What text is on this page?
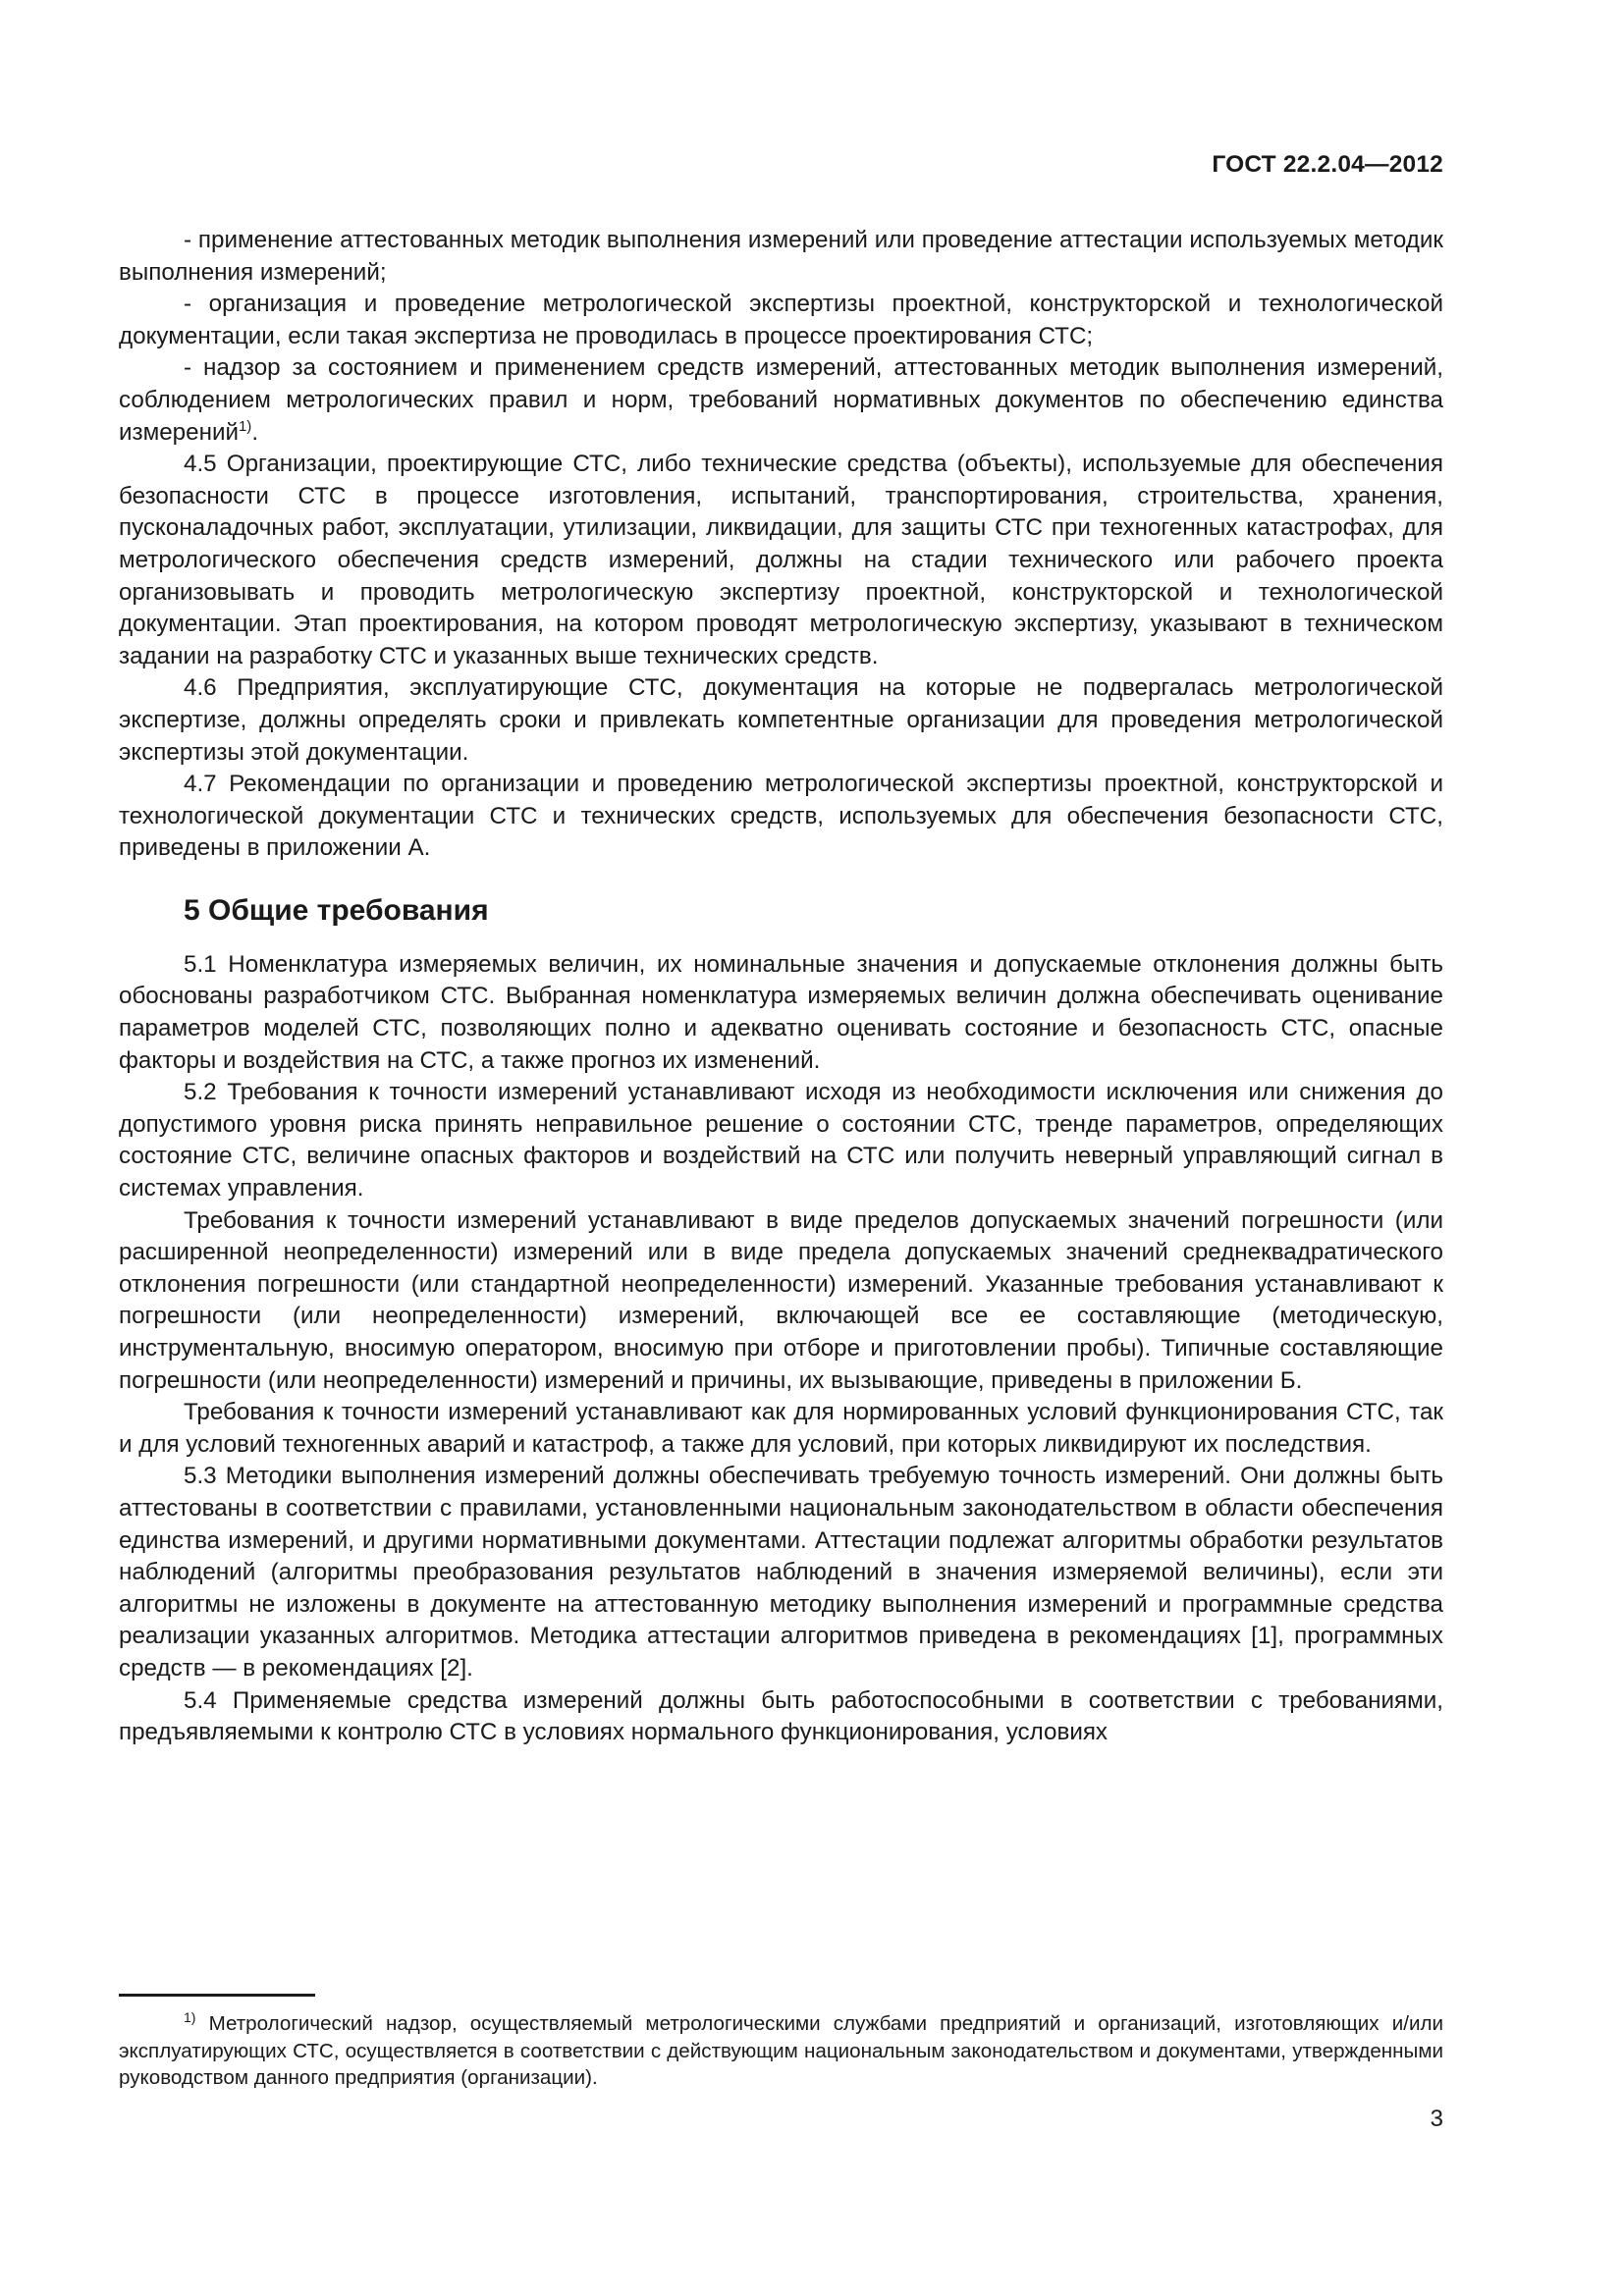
ГОСТ 22.2.04—2012

- применение аттестованных методик выполнения измерений или проведение аттестации используемых методик выполнения измерений;

- организация и проведение метрологической экспертизы проектной, конструкторской и технологической документации, если такая экспертиза не проводилась в процессе проектирования СТС;

- надзор за состоянием и применением средств измерений, аттестованных методик выполнения измерений, соблюдением метрологических правил и норм, требований нормативных документов по обеспечению единства измерений$^{1)}$.

4.5 Организации, проектирующие СТС, либо технические средства (объекты), используемые для обеспечения безопасности СТС в процессе изготовления, испытаний, транспортирования, строительства, хранения, пусконаладочных работ, эксплуатации, утилизации, ликвидации, для защиты СТС при техногенных катастрофах, для метрологического обеспечения средств измерений, должны на стадии технического или рабочего проекта организовывать и проводить метрологическую экспертизу проектной, конструкторской и технологической документации. Этап проектирования, на котором проводят метрологическую экспертизу, указывают в техническом задании на разработку СТС и указанных выше технических средств.

4.6 Предприятия, эксплуатирующие СТС, документация на которые не подвергалась метрологической экспертизе, должны определять сроки и привлекать компетентные организации для проведения метрологической экспертизы этой документации.

4.7 Рекомендации по организации и проведению метрологической экспертизы проектной, конструкторской и технологической документации СТС и технических средств, используемых для обеспечения безопасности СТС, приведены в приложении А.

5 Общие требования

5.1 Номенклатура измеряемых величин, их номинальные значения и допускаемые отклонения должны быть обоснованы разработчиком СТС. Выбранная номенклатура измеряемых величин должна обеспечивать оценивание параметров моделей СТС, позволяющих полно и адекватно оценивать состояние и безопасность СТС, опасные факторы и воздействия на СТС, а также прогноз их изменений.

5.2 Требования к точности измерений устанавливают исходя из необходимости исключения или снижения до допустимого уровня риска принять неправильное решение о состоянии СТС, тренде параметров, определяющих состояние СТС, величине опасных факторов и воздействий на СТС или получить неверный управляющий сигнал в системах управления.

Требования к точности измерений устанавливают в виде пределов допускаемых значений погрешности (или расширенной неопределенности) измерений или в виде предела допускаемых значений среднеквадратического отклонения погрешности (или стандартной неопределенности) измерений. Указанные требования устанавливают к погрешности (или неопределенности) измерений, включающей все ее составляющие (методическую, инструментальную, вносимую оператором, вносимую при отборе и приготовлении пробы). Типичные составляющие погрешности (или неопределенности) измерений и причины, их вызывающие, приведены в приложении Б.

Требования к точности измерений устанавливают как для нормированных условий функционирования СТС, так и для условий техногенных аварий и катастроф, а также для условий, при которых ликвидируют их последствия.

5.3 Методики выполнения измерений должны обеспечивать требуемую точность измерений. Они должны быть аттестованы в соответствии с правилами, установленными национальным законодательством в области обеспечения единства измерений, и другими нормативными документами. Аттестации подлежат алгоритмы обработки результатов наблюдений (алгоритмы преобразования результатов наблюдений в значения измеряемой величины), если эти алгоритмы не изложены в документе на аттестованную методику выполнения измерений и программные средства реализации указанных алгоритмов. Методика аттестации алгоритмов приведена в рекомендациях [1], программных средств — в рекомендациях [2].

5.4 Применяемые средства измерений должны быть работоспособными в соответствии с требованиями, предъявляемыми к контролю СТС в условиях нормального функционирования, условиях

$^{1)}$ Метрологический надзор, осуществляемый метрологическими службами предприятий и организаций, изготовляющих и/или эксплуатирующих СТС, осуществляется в соответствии с действующим национальным законодательством и документами, утвержденными руководством данного предприятия (организации).

3
